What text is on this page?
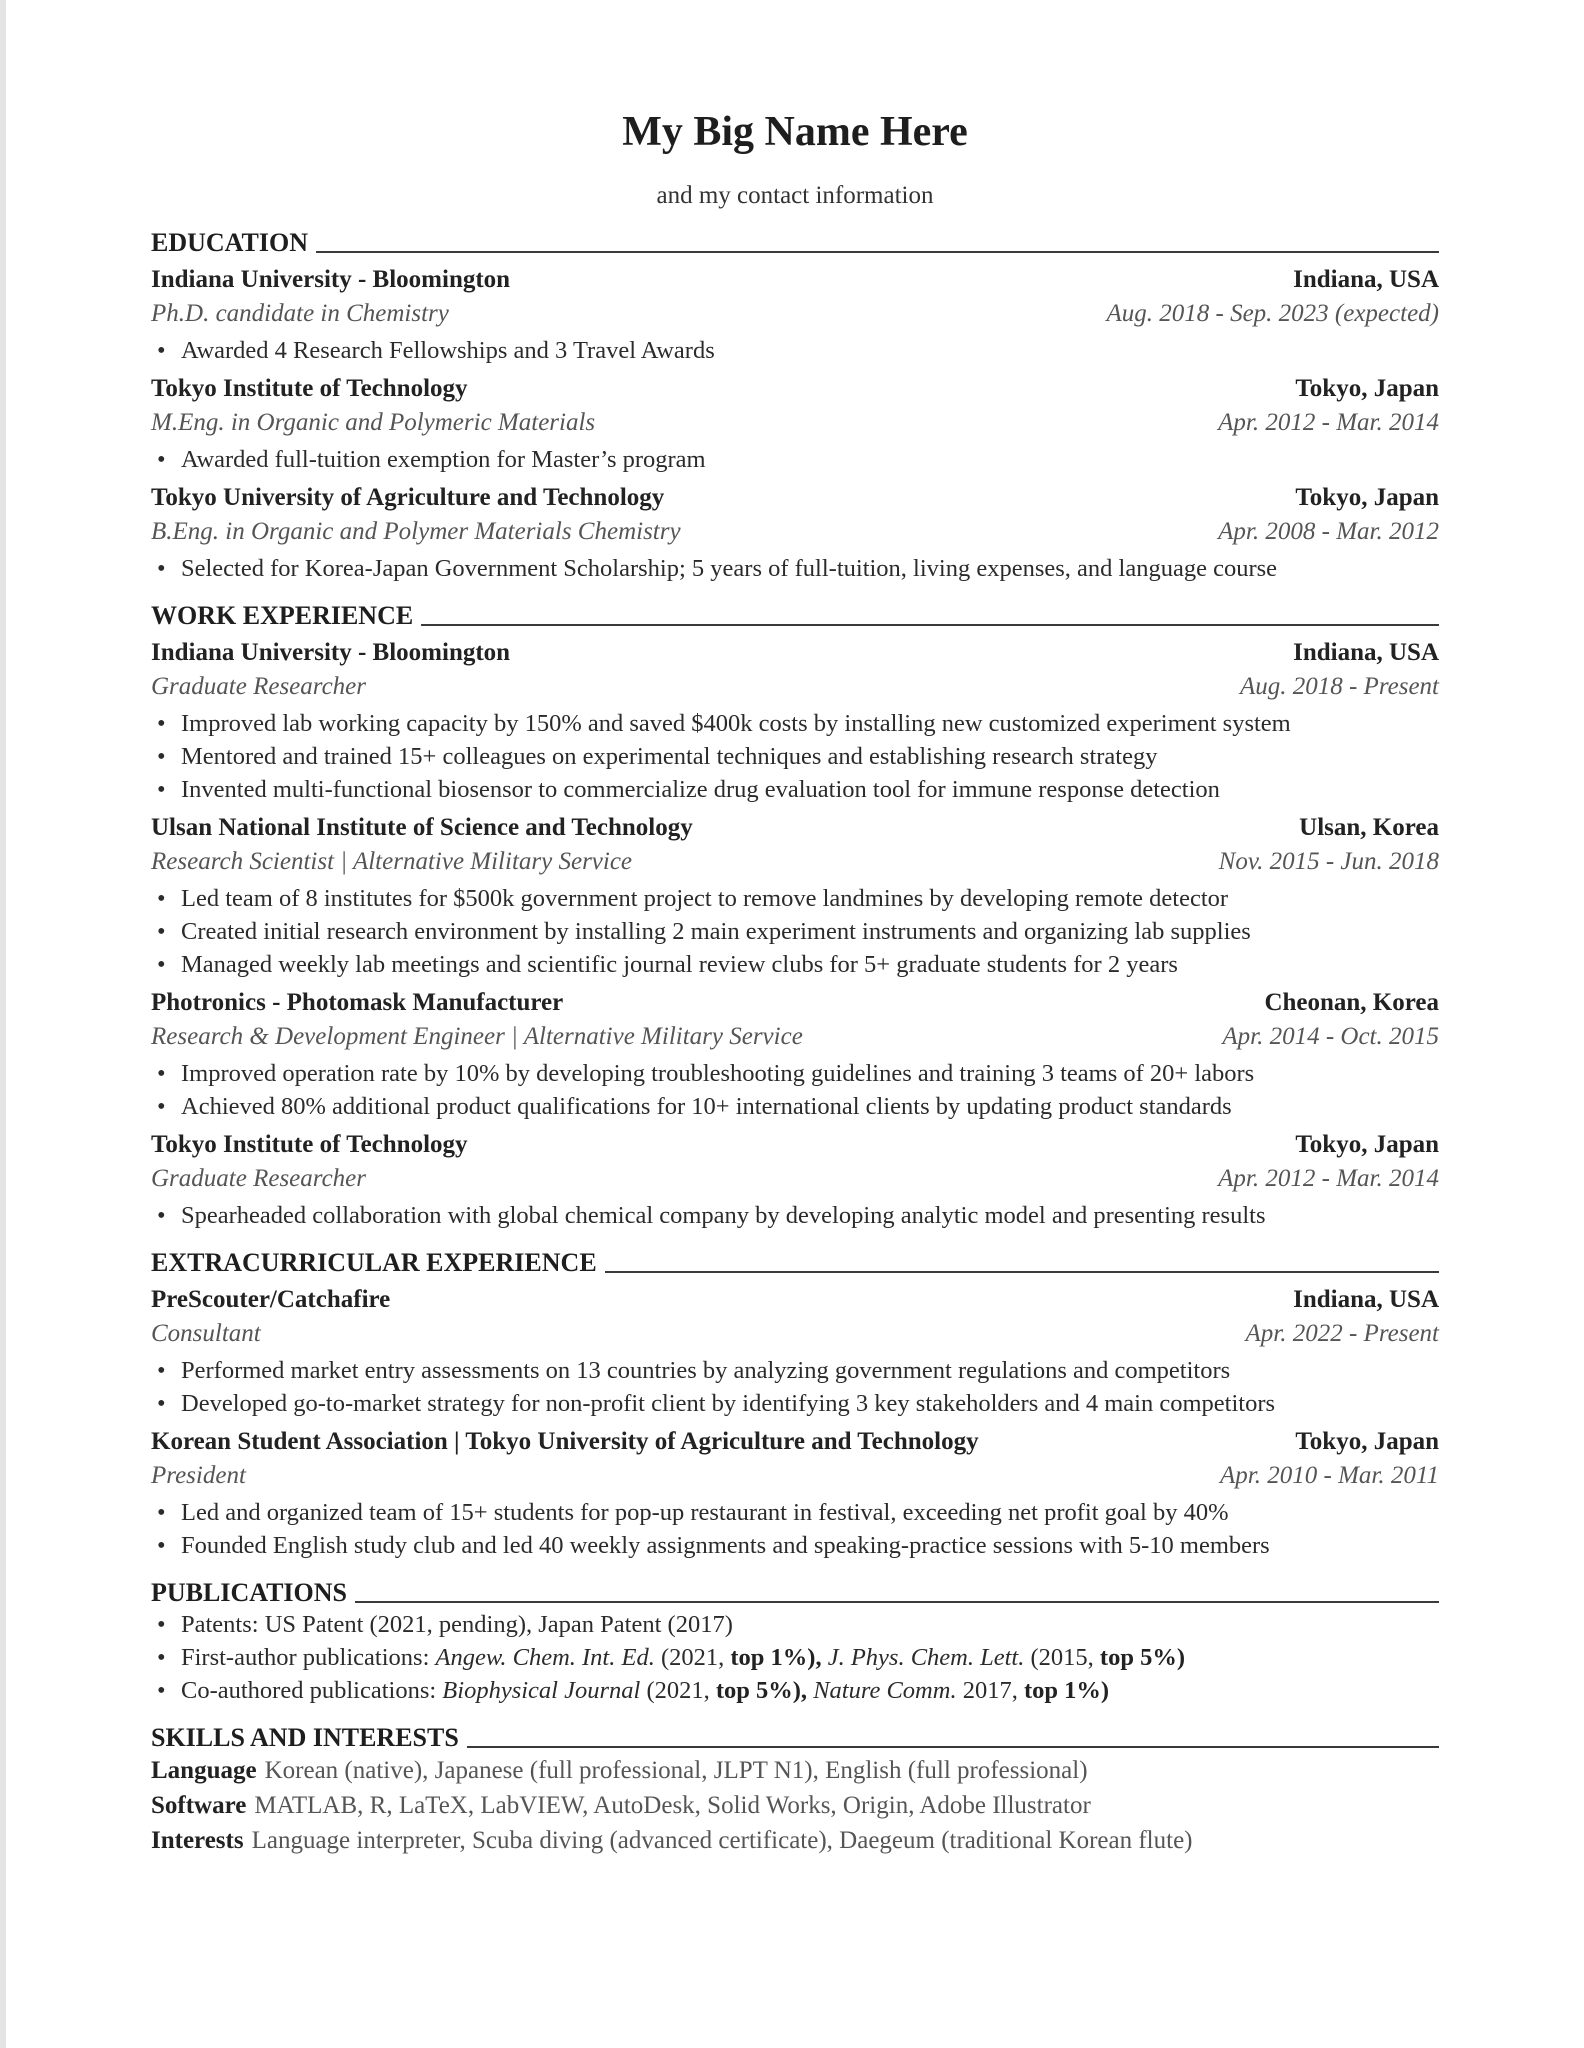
My Big Name Here
and my contact information
EDUCATION
Indiana University - Bloomington	Indiana, USA
Ph.D. candidate in Chemistry	Aug. 2018 - Sep. 2023 (expected)
• Awarded 4 Research Fellowships and 3 Travel Awards
Tokyo Institute of Technology	Tokyo, Japan
M.Eng. in Organic and Polymeric Materials	Apr. 2012 - Mar. 2014
• Awarded full-tuition exemption for Master’s program
Tokyo University of Agriculture and Technology	Tokyo, Japan
B.Eng. in Organic and Polymer Materials Chemistry	Apr. 2008 - Mar. 2012
• Selected for Korea-Japan Government Scholarship; 5 years of full-tuition, living expenses, and language course
WORK EXPERIENCE
Indiana University - Bloomington	Indiana, USA
Graduate Researcher	Aug. 2018 - Present
• Improved lab working capacity by 150% and saved $400k costs by installing new customized experiment system
• Mentored and trained 15+ colleagues on experimental techniques and establishing research strategy
• Invented multi-functional biosensor to commercialize drug evaluation tool for immune response detection
Ulsan National Institute of Science and Technology	Ulsan, Korea
Research Scientist | Alternative Military Service	Nov. 2015 - Jun. 2018
• Led team of 8 institutes for $500k government project to remove landmines by developing remote detector
• Created initial research environment by installing 2 main experiment instruments and organizing lab supplies
• Managed weekly lab meetings and scientific journal review clubs for 5+ graduate students for 2 years
Photronics - Photomask Manufacturer	Cheonan, Korea
Research & Development Engineer | Alternative Military Service	Apr. 2014 - Oct. 2015
• Improved operation rate by 10% by developing troubleshooting guidelines and training 3 teams of 20+ labors
• Achieved 80% additional product qualifications for 10+ international clients by updating product standards
Tokyo Institute of Technology	Tokyo, Japan
Graduate Researcher	Apr. 2012 - Mar. 2014
• Spearheaded collaboration with global chemical company by developing analytic model and presenting results
EXTRACURRICULAR EXPERIENCE
PreScouter/Catchafire	Indiana, USA
Consultant	Apr. 2022 - Present
• Performed market entry assessments on 13 countries by analyzing government regulations and competitors
• Developed go-to-market strategy for non-profit client by identifying 3 key stakeholders and 4 main competitors
Korean Student Association | Tokyo University of Agriculture and Technology	Tokyo, Japan
President	Apr. 2010 - Mar. 2011
• Led and organized team of 15+ students for pop-up restaurant in festival, exceeding net profit goal by 40%
• Founded English study club and led 40 weekly assignments and speaking-practice sessions with 5-10 members
PUBLICATIONS
• Patents: US Patent (2021, pending), Japan Patent (2017)
• First-author publications: Angew. Chem. Int. Ed. (2021, top 1%), J. Phys. Chem. Lett. (2015, top 5%)
• Co-authored publications: Biophysical Journal (2021, top 5%), Nature Comm. 2017, top 1%)
SKILLS AND INTERESTS
Language Korean (native), Japanese (full professional, JLPT N1), English (full professional)
Software MATLAB, R, LaTeX, LabVIEW, AutoDesk, Solid Works, Origin, Adobe Illustrator
Interests Language interpreter, Scuba diving (advanced certificate), Daegeum (traditional Korean flute)
